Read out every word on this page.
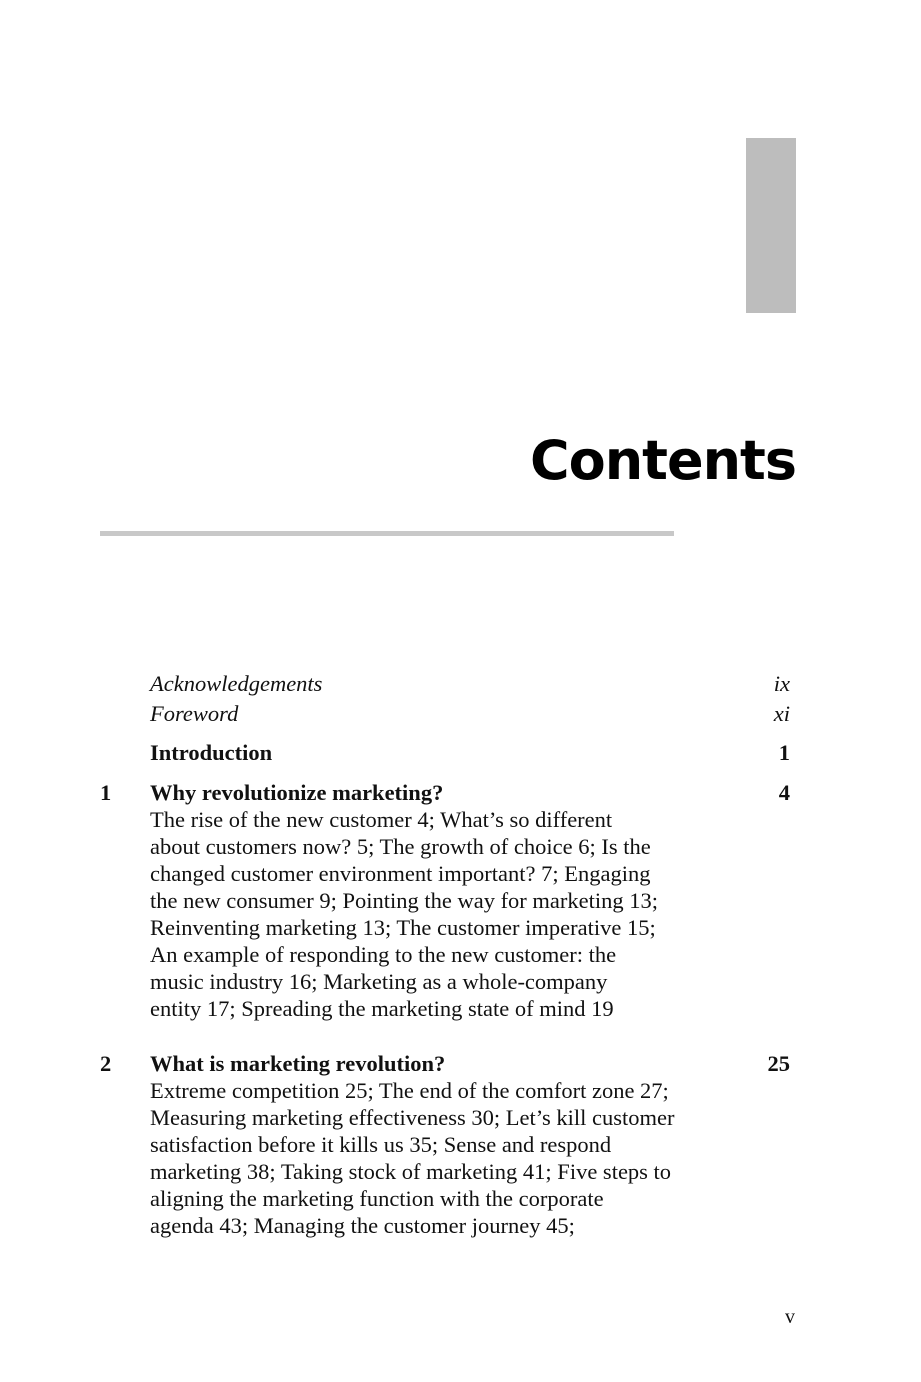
Contents
Acknowledgements	ix
Foreword	xi
Introduction	1
1 Why revolutionize marketing?	4
The rise of the new customer 4; What’s so different
about customers now? 5; The growth of choice 6; Is the
changed customer environment important? 7; Engaging
the new consumer 9; Pointing the way for marketing 13;
Reinventing marketing 13; The customer imperative 15;
An example of responding to the new customer: the
music industry 16; Marketing as a whole-company
entity 17; Spreading the marketing state of mind 19
2 What is marketing revolution?	25
Extreme competition 25; The end of the comfort zone 27;
Measuring marketing effectiveness 30; Let’s kill customer
satisfaction before it kills us 35; Sense and respond
marketing 38; Taking stock of marketing 41; Five steps to
aligning the marketing function with the corporate
agenda 43; Managing the customer journey 45;
v
